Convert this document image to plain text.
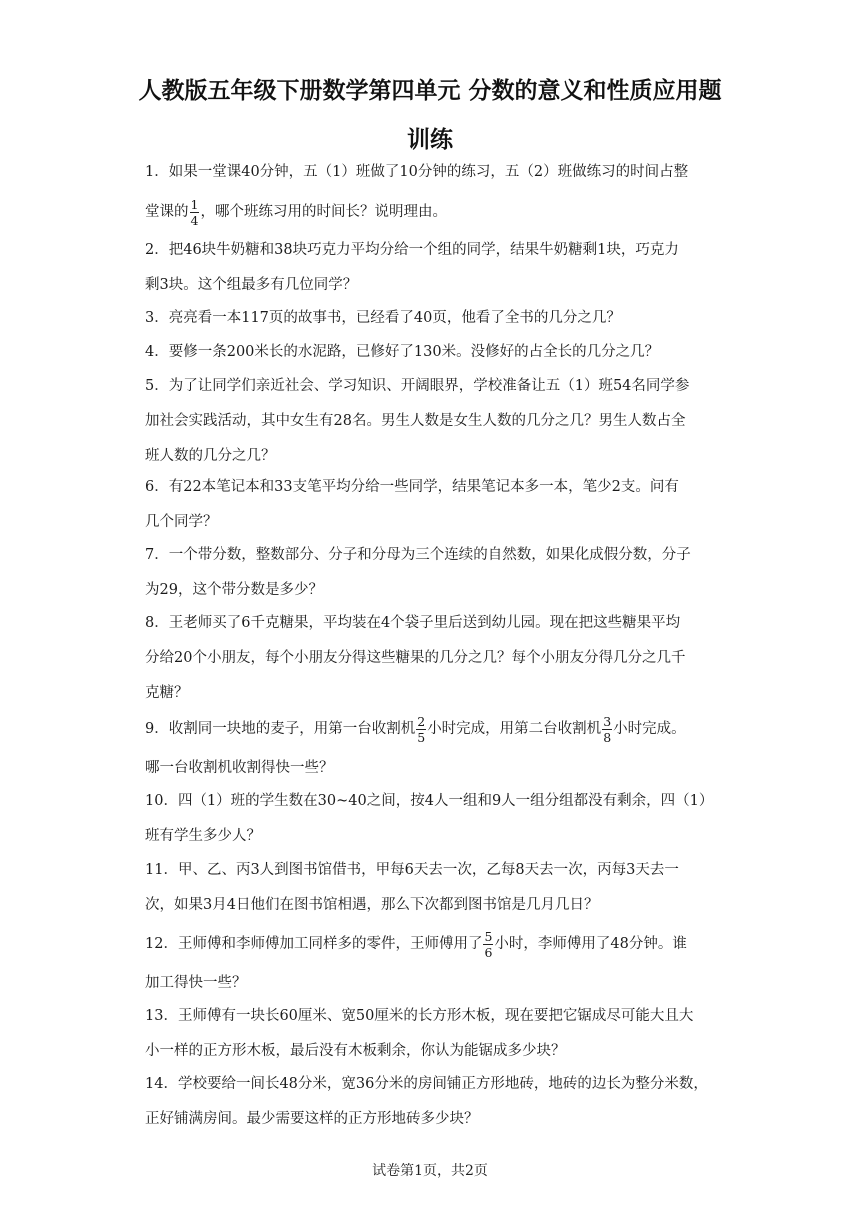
人教版五年级下册数学第四单元 分数的意义和性质应用题
训练
1．如果一堂课40分钟，五（1）班做了10分钟的练习，五（2）班做练习的时间占整
堂课的 $\frac{1}{4}$ ，哪个班练习用的时间长？说明理由。
2．把46块牛奶糖和38块巧克力平均分给一个组的同学，结果牛奶糖剩1块，巧克力
剩3块。这个组最多有几位同学？
3．亮亮看一本117页的故事书，已经看了40页，他看了全书的几分之几？
4．要修一条200米长的水泥路，已修好了130米。没修好的占全长的几分之几？
5．为了让同学们亲近社会、学习知识、开阔眼界，学校准备让五（1）班54名同学参
加社会实践活动，其中女生有28名。男生人数是女生人数的几分之几？男生人数占全
班人数的几分之几？
6．有22本笔记本和33支笔平均分给一些同学，结果笔记本多一本，笔少2支。问有
几个同学？
7．一个带分数，整数部分、分子和分母为三个连续的自然数，如果化成假分数，分子
为29，这个带分数是多少？
8．王老师买了6千克糖果，平均装在4个袋子里后送到幼儿园。现在把这些糖果平均
分给20个小朋友，每个小朋友分得这些糖果的几分之几？每个小朋友分得几分之几千
克糖？
9．收割同一块地的麦子，用第一台收割机 $\frac{2}{5}$ 小时完成，用第二台收割机 $\frac{3}{8}$ 小时完成。
哪一台收割机收割得快一些？
10．四（1）班的学生数在30~40之间，按4人一组和9人一组分组都没有剩余，四（1）
班有学生多少人？
11．甲、乙、丙3人到图书馆借书，甲每6天去一次，乙每8天去一次，丙每3天去一
次，如果3月4日他们在图书馆相遇，那么下次都到图书馆是几月几日？
12．王师傅和李师傅加工同样多的零件，王师傅用了 $\frac{5}{6}$ 小时，李师傅用了48分钟。谁
加工得快一些？
13．王师傅有一块长60厘米、宽50厘米的长方形木板，现在要把它锯成尽可能大且大
小一样的正方形木板，最后没有木板剩余，你认为能锯成多少块？
14．学校要给一间长48分米，宽36分米的房间铺正方形地砖，地砖的边长为整分米数，
正好铺满房间。最少需要这样的正方形地砖多少块？
试卷第1页，共2页
